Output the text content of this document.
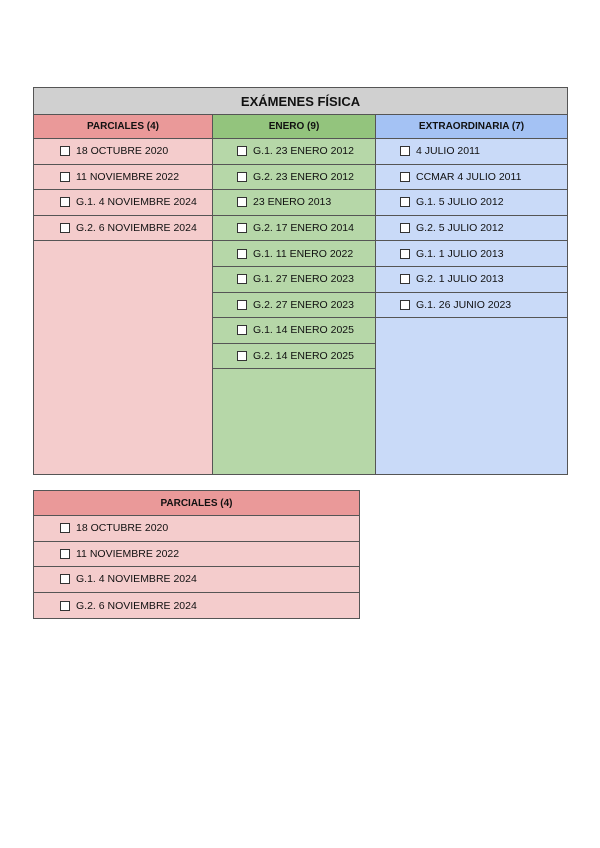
EXÁMENES FÍSICA
PARCIALES (4)
18 OCTUBRE 2020
11 NOVIEMBRE 2022
G.1. 4 NOVIEMBRE 2024
G.2. 6 NOVIEMBRE 2024
ENERO (9)
G.1. 23 ENERO 2012
G.2. 23 ENERO 2012
23 ENERO 2013
G.2. 17 ENERO 2014
G.1. 11 ENERO 2022
G.1. 27 ENERO 2023
G.2. 27 ENERO 2023
G.1. 14 ENERO 2025
G.2. 14 ENERO 2025
EXTRAORDINARIA (7)
4 JULIO 2011
CCMAR 4 JULIO 2011
G.1. 5 JULIO 2012
G.2. 5 JULIO 2012
G.1. 1 JULIO 2013
G.2. 1 JULIO 2013
G.1. 26 JUNIO 2023
PARCIALES (4)
18 OCTUBRE 2020
11 NOVIEMBRE 2022
G.1. 4 NOVIEMBRE 2024
G.2. 6 NOVIEMBRE 2024
